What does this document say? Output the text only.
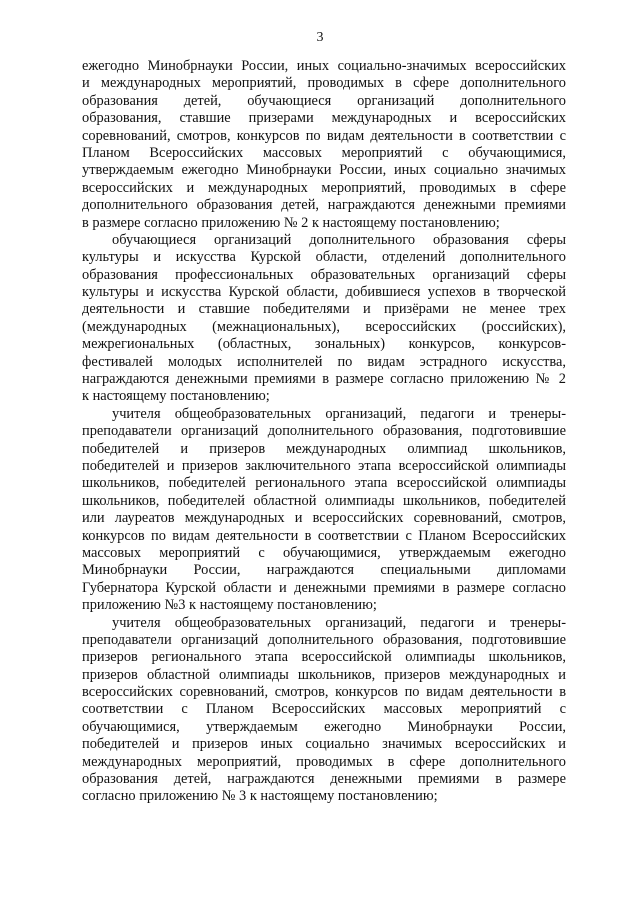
3
ежегодно Минобрнауки России, иных социально-значимых всероссийских
и международных мероприятий, проводимых в сфере дополнительного
образования детей, обучающиеся организаций дополнительного
образования, ставшие призерами международных и всероссийских
соревнований, смотров, конкурсов по видам деятельности в соответствии с
Планом Всероссийских массовых мероприятий с обучающимися,
утверждаемым ежегодно Минобрнауки России, иных социально значимых
всероссийских и международных мероприятий, проводимых в сфере
дополнительного образования детей, награждаются денежными премиями
в размере согласно приложению № 2 к настоящему постановлению;
обучающиеся организаций дополнительного образования сферы
культуры и искусства Курской области, отделений дополнительного
образования профессиональных образовательных организаций сферы
культуры и искусства Курской области, добившиеся успехов в творческой
деятельности и ставшие победителями и призёрами не менее трех
(международных (межнациональных), всероссийских (российских),
межрегиональных (областных, зональных) конкурсов, конкурсов-
фестивалей молодых исполнителей по видам эстрадного искусства,
награждаются денежными премиями в размере согласно приложению № 2
к настоящему постановлению;
учителя общеобразовательных организаций, педагоги и тренеры-
преподаватели организаций дополнительного образования, подготовившие
победителей и призеров международных олимпиад школьников,
победителей и призеров заключительного этапа всероссийской олимпиады
школьников, победителей регионального этапа всероссийской олимпиады
школьников, победителей областной олимпиады школьников, победителей
или лауреатов международных и всероссийских соревнований, смотров,
конкурсов по видам деятельности в соответствии с Планом Всероссийских
массовых мероприятий с обучающимися, утверждаемым ежегодно
Минобрнауки России, награждаются специальными дипломами
Губернатора Курской области и денежными премиями в размере согласно
приложению №3 к настоящему постановлению;
учителя общеобразовательных организаций, педагоги и тренеры-
преподаватели организаций дополнительного образования, подготовившие
призеров регионального этапа всероссийской олимпиады школьников,
призеров областной олимпиады школьников, призеров международных и
всероссийских соревнований, смотров, конкурсов по видам деятельности в
соответствии с Планом Всероссийских массовых мероприятий с
обучающимися, утверждаемым ежегодно Минобрнауки России,
победителей и призеров иных социально значимых всероссийских и
международных мероприятий, проводимых в сфере дополнительного
образования детей, награждаются денежными премиями в размере
согласно приложению № 3 к настоящему постановлению;
